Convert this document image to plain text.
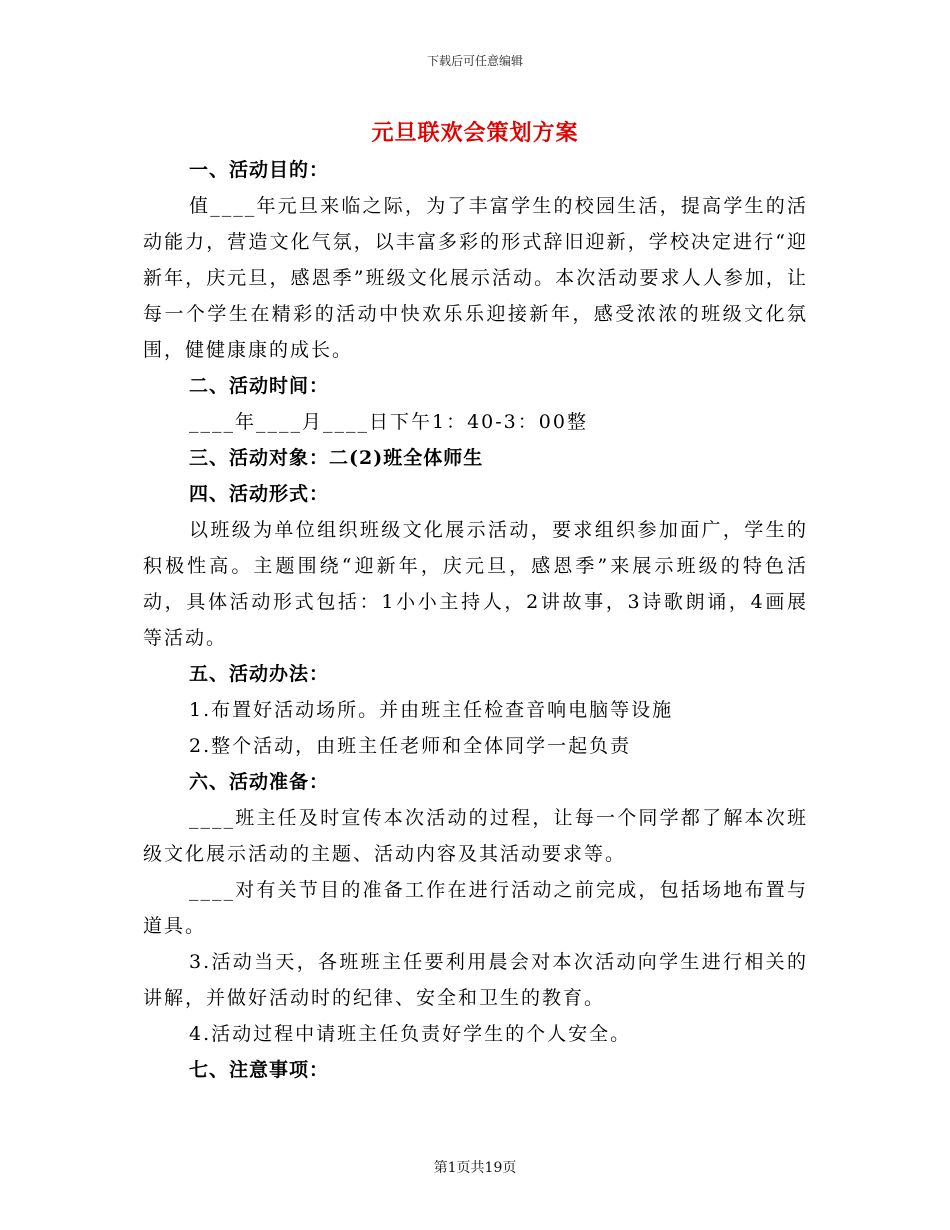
下载后可任意编辑
元旦联欢会策划方案
一、活动目的：

值____年元旦来临之际，为了丰富学生的校园生活，提高学生的活动能力，营造文化气氛，以丰富多彩的形式辞旧迎新，学校决定进行“迎新年，庆元旦，感恩季”班级文化展示活动。本次活动要求人人参加，让每一个学生在精彩的活动中快欢乐乐迎接新年，感受浓浓的班级文化氛围，健健康康的成长。

二、活动时间：
____年____月____日下午1：40-3：00整
三、活动对象：二(2)班全体师生
四、活动形式：

以班级为单位组织班级文化展示活动，要求组织参加面广，学生的积极性高。主题围绕“迎新年，庆元旦，感恩季”来展示班级的特色活动，具体活动形式包括：1小小主持人，2讲故事，3诗歌朗诵，4画展等活动。

五、活动办法：
1.布置好活动场所。并由班主任检查音响电脑等设施
2.整个活动，由班主任老师和全体同学一起负责
六、活动准备：

____班主任及时宣传本次活动的过程，让每一个同学都了解本次班级文化展示活动的主题、活动内容及其活动要求等。

____对有关节目的准备工作在进行活动之前完成，包括场地布置与道具。

3.活动当天，各班班主任要利用晨会对本次活动向学生进行相关的讲解，并做好活动时的纪律、安全和卫生的教育。

4.活动过程中请班主任负责好学生的个人安全。

七、注意事项：
第1页共19页
